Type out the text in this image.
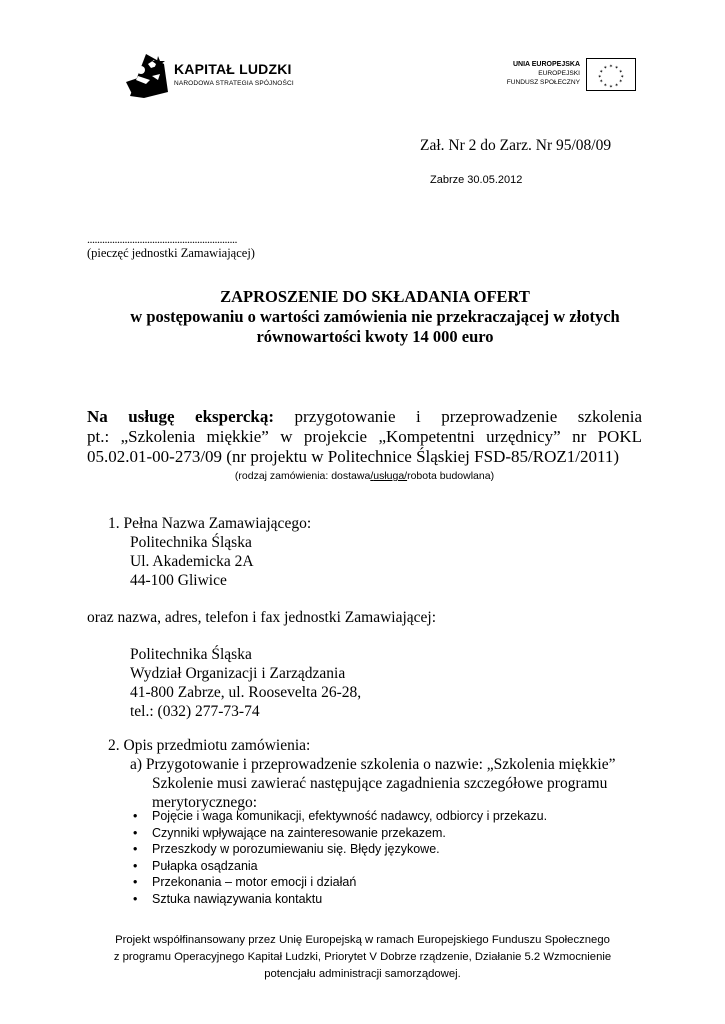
KAPITAŁ LUDZKI
NARODOWA STRATEGIA SPÓJNOŚCI
UNIA EUROPEJSKA
EUROPEJSKI
FUNDUSZ SPOŁECZNY
✶ ✶
✶
✶
✶
✶
✶
✶
✶
✶
✶
✶
Zał. Nr 2 do Zarz. Nr 95/08/09
Zabrze 30.05.2012
............................................................
(pieczęć jednostki Zamawiającej)
ZAPROSZENIE DO SKŁADANIA OFERT
w postępowaniu o wartości zamówienia nie przekraczającej w złotych
równowartości kwoty 14 000 euro
Na usługę ekspercką: przygotowanie i przeprowadzenie szkolenia
pt.: „Szkolenia miękkie” w projekcie „Kompetentni urzędnicy” nr POKL
05.02.01-00-273/09 (nr projektu w Politechnice Śląskiej FSD-85/ROZ1/2011)
(rodzaj zamówienia: dostawa/usługa/robota budowlana)
1. Pełna Nazwa Zamawiającego:
Politechnika Śląska
Ul. Akademicka 2A
44-100 Gliwice
oraz nazwa, adres, telefon i fax jednostki Zamawiającej:
Politechnika Śląska
Wydział Organizacji i Zarządzania
41-800 Zabrze, ul. Roosevelta 26-28,
tel.: (032) 277-73-74
2. Opis przedmiotu zamówienia:
a) Przygotowanie i przeprowadzenie szkolenia o nazwie: „Szkolenia miękkie”
Szkolenie musi zawierać następujące zagadnienia szczegółowe programu
merytorycznego:
• Pojęcie i waga komunikacji, efektywność nadawcy, odbiorcy i przekazu.
• Czynniki wpływające na zainteresowanie przekazem.
• Przeszkody w porozumiewaniu się. Błędy językowe.
• Pułapka osądzania
• Przekonania – motor emocji i działań
• Sztuka nawiązywania kontaktu
Projekt współfinansowany przez Unię Europejską w ramach Europejskiego Funduszu Społecznego
z programu Operacyjnego Kapitał Ludzki, Priorytet V Dobrze rządzenie, Działanie 5.2 Wzmocnienie
potencjału administracji samorządowej.
